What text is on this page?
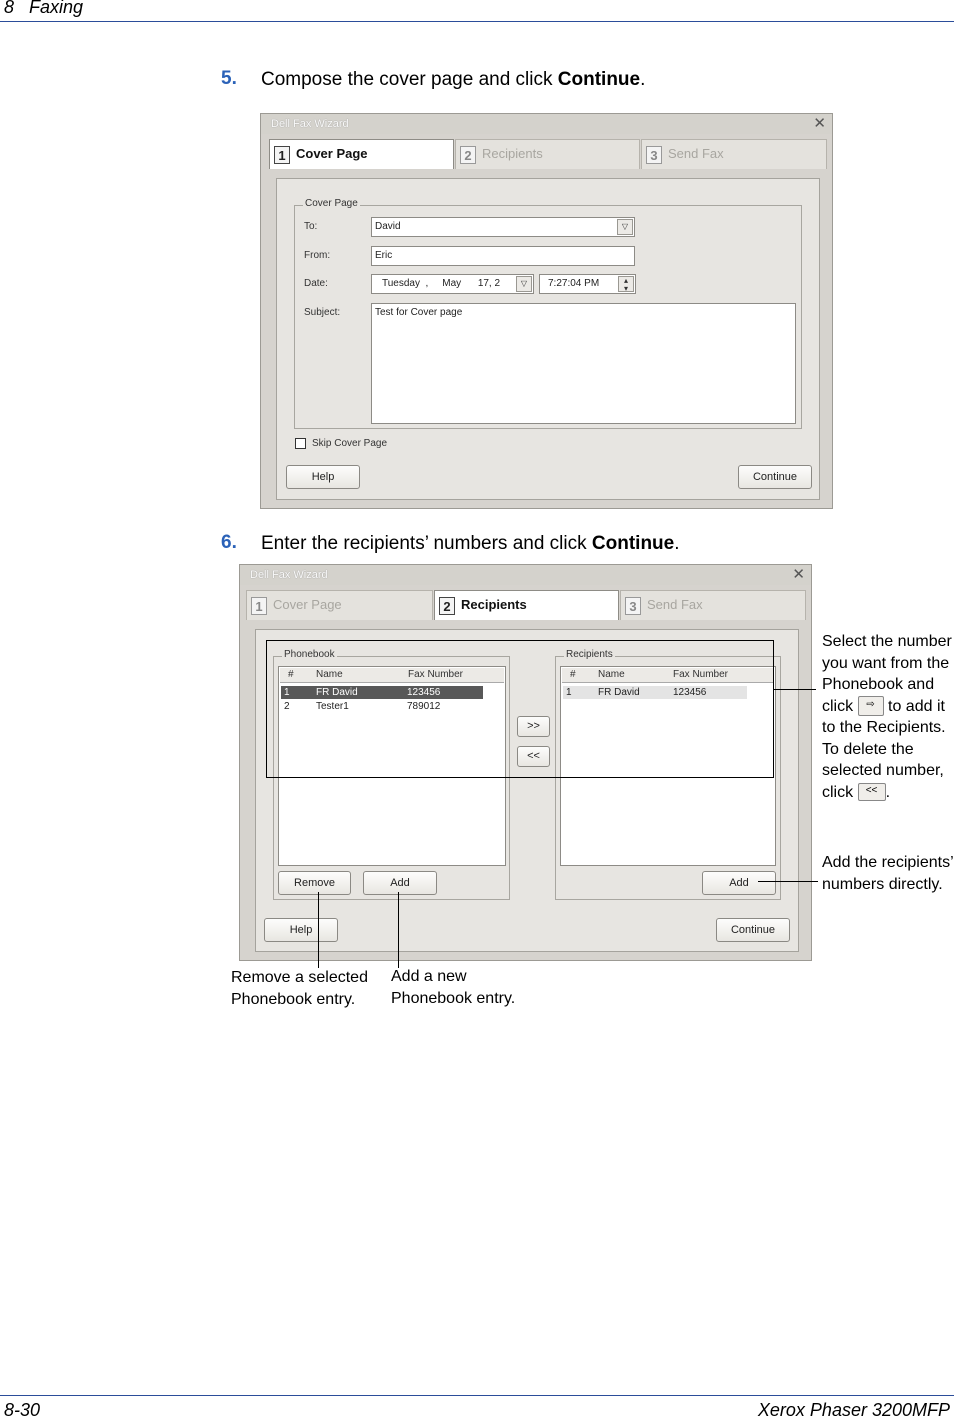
8 Faxing
5. Compose the cover page and click Continue.
Dell Fax Wizard	✕
1 Cover Page	2 Recipients	3 Send Fax
Cover Page
To:	David	▽
From:	Eric
Date:	Tuesday , May 17, 2	▽	7:27:04 PM	▴
▾
Subject:	Test for Cover page
Skip Cover Page
Help	Continue
6. Enter the recipients’ numbers and click Continue.
Dell Fax Wizard	✕
1 Cover Page	2 Recipients	3 Send Fax
Phonebook
# Name	Fax Number
1	FR David	123456
2	Tester1	789012
Remove	Add
>>
<<
Recipients
# Name	Fax Number
1	FR David	123456
Add
Help	Continue
Select the number
you want from the
Phonebook and
click ⇨ to add it
to the Recipients.
To delete the
selected number,
click << .
Add the recipients’
numbers directly.
Remove a selected
Phonebook entry.
Add a new
Phonebook entry.
8-30	Xerox Phaser 3200MFP
